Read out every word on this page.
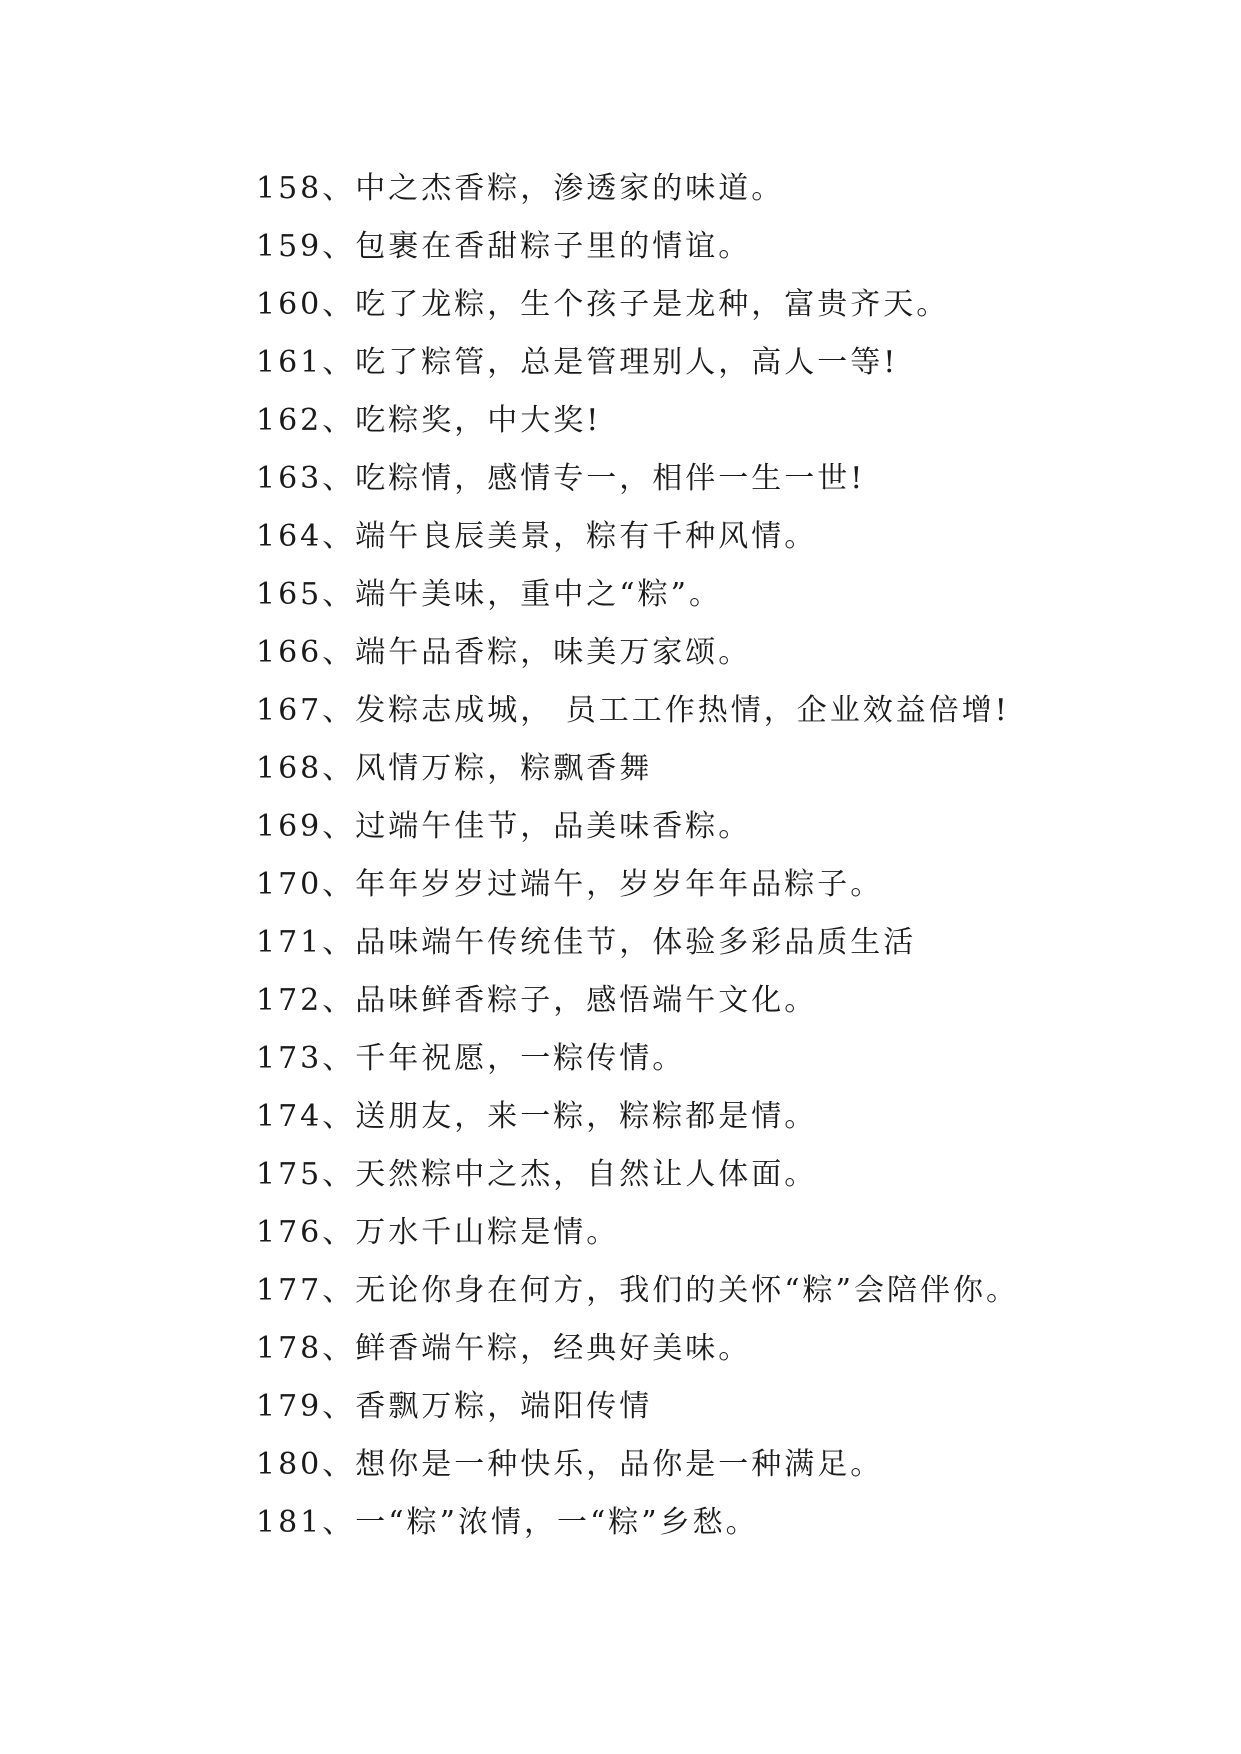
158 、 中之杰香粽，渗透家的味道。
159 、 包裹在香甜粽子里的情谊。
160 、 吃了龙粽，生个孩子是龙种，富贵齐天。
161 、 吃了粽管，总是管理别人，高人一等!
162 、 吃粽奖，中大奖!
163 、 吃粽情，感情专一，相伴一生一世!
164 、 端午良辰美景，粽有千种风情。
165 、 端午美味，重中之“粽”。
166 、 端午品香粽，味美万家颂。
167 、 发粽志成城， 员工工作热情，企业效益倍增!
168 、 风情万粽，粽飘香舞
169 、 过端午佳节，品美味香粽。
170 、 年年岁岁过端午，岁岁年年品粽子。
171 、 品味端午传统佳节，体验多彩品质生活
172 、 品味鲜香粽子，感悟端午文化。
173 、 千年祝愿，一粽传情。
174 、 送朋友，来一粽，粽粽都是情。
175 、 天然粽中之杰，自然让人体面。
176 、 万水千山粽是情。
177 、 无论你身在何方，我们的关怀“粽”会陪伴你。
178 、 鲜香端午粽，经典好美味。
179 、 香飘万粽，端阳传情
180 、 想你是一种快乐，品你是一种满足。
181 、 一“粽”浓情，一“粽”乡愁。
